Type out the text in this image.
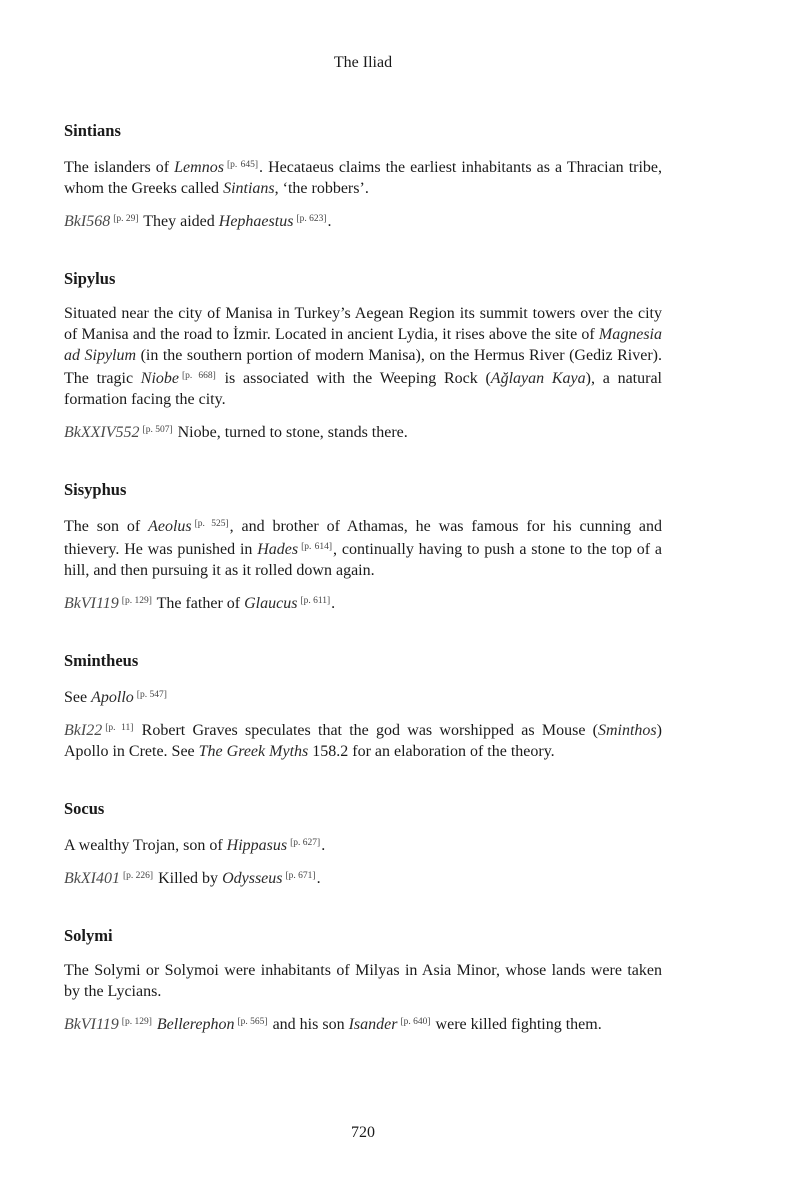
The Iliad
Sintians

The islanders of Lemnos [p. 645]. Hecataeus claims the earliest inhabitants as a Thracian tribe, whom the Greeks called Sintians, ‘the robbers’.

BkI568 [p. 29] They aided Hephaestus [p. 623].

Sipylus

Situated near the city of Manisa in Turkey’s Aegean Region its summit towers over the city of Manisa and the road to İzmir. Located in ancient Lydia, it rises above the site of Magnesia ad Sipylum (in the southern portion of modern Manisa), on the Hermus River (Gediz River). The tragic Niobe [p. 668] is associated with the Weeping Rock (Ağlayan Kaya), a natural formation facing the city.

BkXXIV552 [p. 507] Niobe, turned to stone, stands there.

Sisyphus

The son of Aeolus [p. 525], and brother of Athamas, he was famous for his cunning and thievery. He was punished in Hades [p. 614], continually having to push a stone to the top of a hill, and then pursuing it as it rolled down again.

BkVI119 [p. 129] The father of Glaucus [p. 611].

Smintheus

See Apollo [p. 547]

BkI22 [p. 11] Robert Graves speculates that the god was worshipped as Mouse (Sminthos) Apollo in Crete. See The Greek Myths 158.2 for an elaboration of the theory.

Socus

A wealthy Trojan, son of Hippasus [p. 627].

BkXI401 [p. 226] Killed by Odysseus [p. 671].

Solymi

The Solymi or Solymoi were inhabitants of Milyas in Asia Minor, whose lands were taken by the Lycians.

BkVI119 [p. 129] Bellerephon [p. 565] and his son Isander [p. 640] were killed fighting them.

720
